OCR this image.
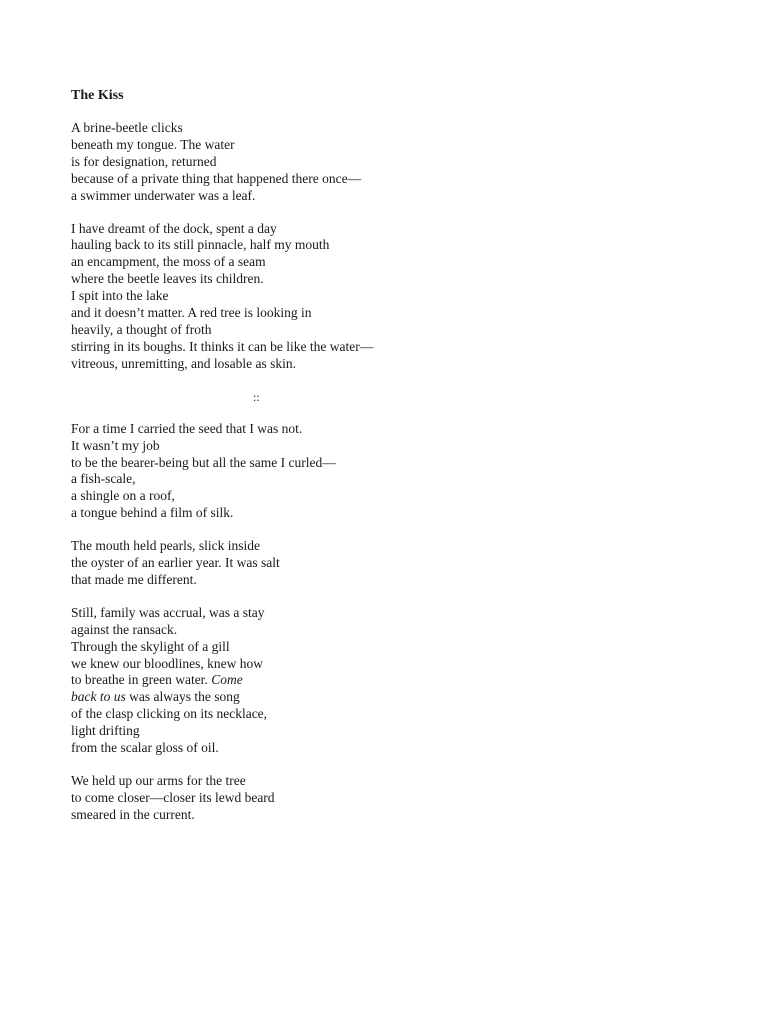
The Kiss
A brine-beetle clicks
beneath my tongue. The water
is for designation, returned
because of a private thing that happened there once—
a swimmer underwater was a leaf.
I have dreamt of the dock, spent a day
hauling back to its still pinnacle, half my mouth
an encampment, the moss of a seam
where the beetle leaves its children.
I spit into the lake
and it doesn’t matter. A red tree is looking in
heavily, a thought of froth
stirring in its boughs. It thinks it can be like the water—
vitreous, unremitting, and losable as skin.
::
For a time I carried the seed that I was not.
It wasn’t my job
to be the bearer-being but all the same I curled—
a fish-scale,
a shingle on a roof,
a tongue behind a film of silk.
The mouth held pearls, slick inside
the oyster of an earlier year. It was salt
that made me different.
Still, family was accrual, was a stay
against the ransack.
Through the skylight of a gill
we knew our bloodlines, knew how
to breathe in green water. Come
back to us was always the song
of the clasp clicking on its necklace,
light drifting
from the scalar gloss of oil.
We held up our arms for the tree
to come closer—closer its lewd beard
smeared in the current.
